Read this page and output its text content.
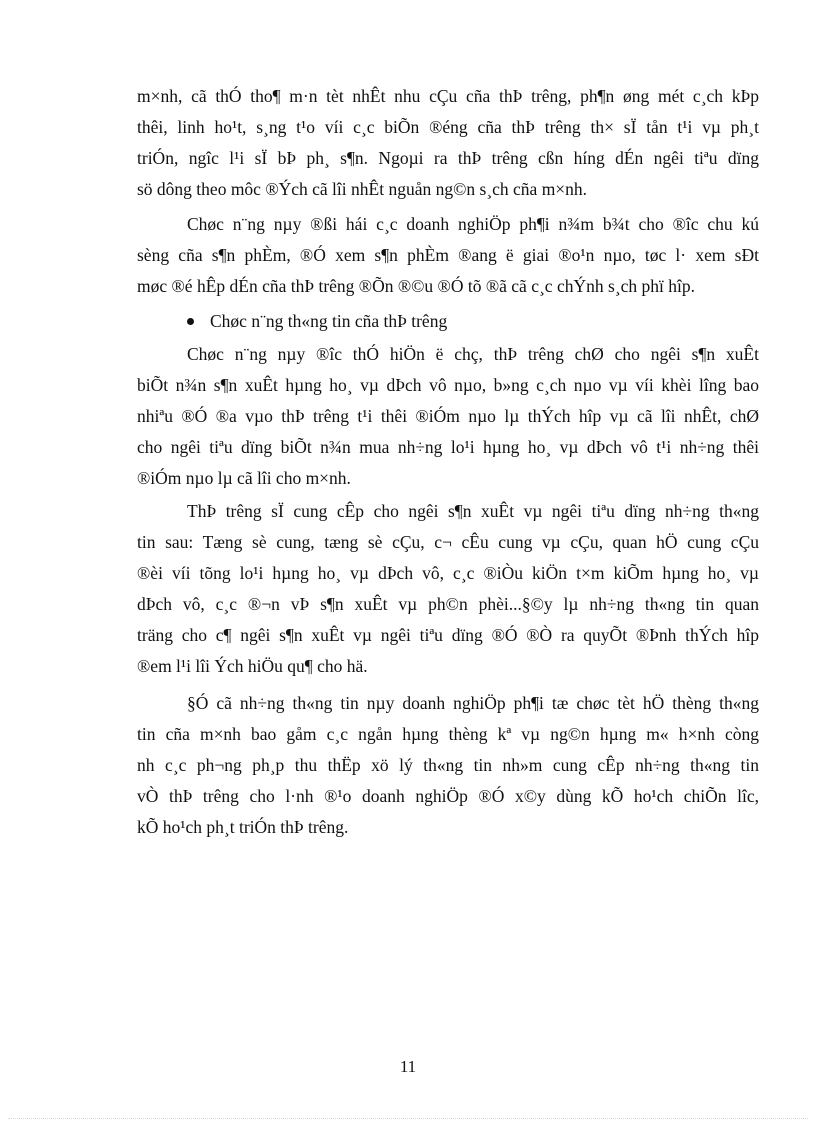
m×nh, cã thÓ tho¶ m·n tèt nhÊt nhu cÇu cña thÞ trêng, ph¶n øng mét c¸ch kÞp
thêi, linh ho¹t, s¸ng t¹o víi c¸c biÕn ®éng cña thÞ trêng th× sÏ tån t¹i vµ ph¸t
triÓn, ngîc l¹i sÏ bÞ ph¸ s¶n. Ngoµi ra thÞ trêng cßn híng dÉn ngêi tiªu dïng
sö dông theo môc ®Ých cã lîi nhÊt nguån ng©n s¸ch cña m×nh.
Chøc n¨ng nµy ®ßi hái c¸c doanh nghiÖp ph¶i n¾m b¾t cho ®îc chu kú
sèng cña s¶n phÈm, ®Ó xem s¶n phÈm ®ang ë giai ®o¹n nµo, tøc l· xem sÐt
møc ®é hÊp dÉn cña thÞ trêng ®Õn ®©u ®Ó tõ ®ã cã c¸c chÝnh s¸ch phï hîp.
Chøc n¨ng th«ng tin cña thÞ trêng
Chøc n¨ng nµy ®îc thÓ hiÖn ë chç, thÞ trêng chØ cho ngêi s¶n xuÊt
biÕt n¾n s¶n xuÊt hµng ho¸ vµ dÞch vô nµo, b»ng c¸ch nµo vµ víi khèi lîng bao
nhiªu ®Ó ®a vµo thÞ trêng t¹i thêi ®iÓm nµo lµ thÝch hîp vµ cã lîi nhÊt, chØ
cho ngêi tiªu dïng biÕt n¾n mua nh÷ng lo¹i hµng ho¸ vµ dÞch vô t¹i nh÷ng thêi
®iÓm nµo lµ cã lîi cho m×nh.
ThÞ trêng sÏ cung cÊp cho ngêi s¶n xuÊt vµ ngêi tiªu dïng nh÷ng th«ng
tin sau: Tæng sè cung, tæng sè cÇu, c¬ cÊu cung vµ cÇu, quan hÖ cung cÇu
®èi víi tõng lo¹i hµng ho¸ vµ dÞch vô, c¸c ®iÒu kiÖn t×m kiÕm hµng ho¸ vµ
dÞch vô, c¸c ®¬n vÞ s¶n xuÊt vµ ph©n phèi...§©y lµ nh÷ng th«ng tin quan
träng cho c¶ ngêi s¶n xuÊt vµ ngêi tiªu dïng ®Ó ®Ò ra quyÕt ®Þnh thÝch hîp
®em l¹i lîi Ých hiÖu qu¶ cho hä.
§Ó cã nh÷ng th«ng tin nµy doanh nghiÖp ph¶i tæ chøc tèt hÖ thèng th«ng
tin cña m×nh bao gåm c¸c ngån hµng thèng kª vµ ng©n hµng m« h×nh còng
nh c¸c ph¬ng ph¸p thu thËp xö lý th«ng tin nh»m cung cÊp nh÷ng th«ng tin
vÒ thÞ trêng cho l·nh ®¹o doanh nghiÖp ®Ó x©y dùng kÕ ho¹ch chiÕn lîc,
kÕ ho¹ch ph¸t triÓn thÞ trêng.
11
